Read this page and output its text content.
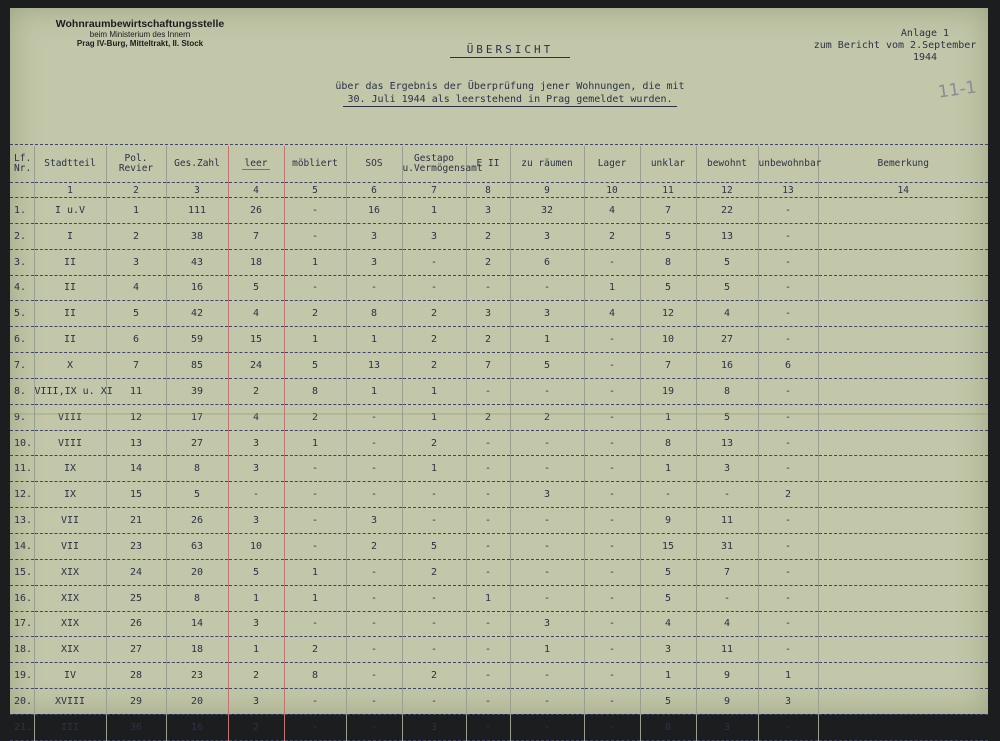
Wohnraumbewirtschaftungsstelle
beim Ministerium des Innern
Prag IV-Burg, Mitteltrakt, II. Stock
Anlage 1
zum Bericht vom 2.September
1944
11-1
ÜBERSICHT
über das Ergebnis der Überprüfung jener Wohnungen, die mit
30. Juli 1944 als leerstehend in Prag gemeldet wurden.
Lf. Nr.	Stadtteil	Pol. Revier	Ges.Zahl	leer	möbliert	SOS	Gestapo u.Vermögensamt	E II	zu räumen	Lager	unklar	bewohnt	unbewohnbar	Bemerkung
	1	2	3	4	5	6	7	8	9	10	11	12	13	14
1.	I u.V	1	111	26	-	16	1	3	32	4	7	22	-	
2.	I	2	38	7	-	3	3	2	3	2	5	13	-	
3.	II	3	43	18	1	3	-	2	6	-	8	5	-	
4.	II	4	16	5	-	-	-	-	-	1	5	5	-	
5.	II	5	42	4	2	8	2	3	3	4	12	4	-	
6.	II	6	59	15	1	1	2	2	1	-	10	27	-	
7.	X	7	85	24	5	13	2	7	5	-	7	16	6	
8.	VIII,IX u. XI	11	39	2	8	1	1	-	-	-	19	8	-	
9.	VIII	12	17	4	2	-	1	2	2	-	1	5	-	
10.	VIII	13	27	3	1	-	2	-	-	-	8	13	-	
11.	IX	14	8	3	-	-	1	-	-	-	1	3	-	
12.	IX	15	5	-	-	-	-	-	3	-	-	-	2	
13.	VII	21	26	3	-	3	-	-	-	-	9	11	-	
14.	VII	23	63	10	-	2	5	-	-	-	15	31	-	
15.	XIX	24	20	5	1	-	2	-	-	-	5	7	-	
16.	XIX	25	8	1	1	-	-	1	-	-	5	-	-	
17.	XIX	26	14	3	-	-	-	-	3	-	4	4	-	
18.	XIX	27	18	1	2	-	-	-	1	-	3	11	-	
19.	IV	28	23	2	8	-	2	-	-	-	1	9	1	
20.	XVIII	29	20	3	-	-	-	-	-	-	5	9	3	
21.	III	36	16	2	-	-	3	-	-	-	8	3	-	
